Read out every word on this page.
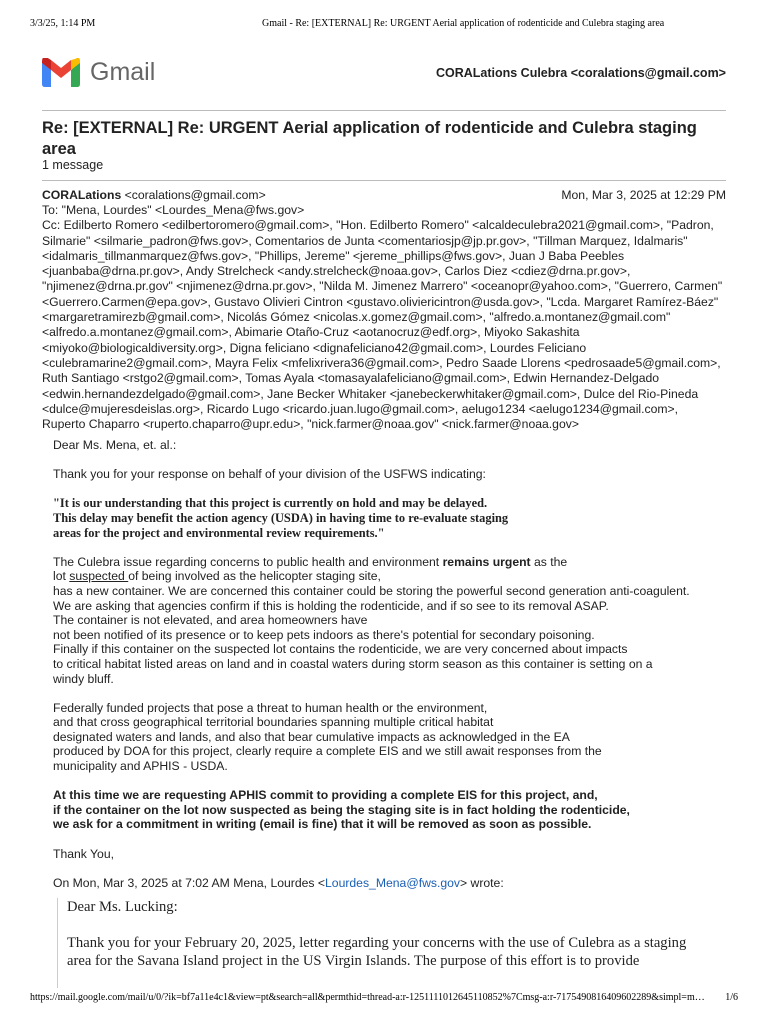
3/3/25, 1:14 PM	Gmail - Re: [EXTERNAL] Re: URGENT Aerial application of rodenticide and Culebra staging area
Gmail	CORALations Culebra <coralations@gmail.com>
Re: [EXTERNAL] Re: URGENT Aerial application of rodenticide and Culebra staging area
1 message
CORALations <coralations@gmail.com>	Mon, Mar 3, 2025 at 12:29 PM
To: "Mena, Lourdes" <Lourdes_Mena@fws.gov>
Cc: Edilberto Romero <edilbertoromero@gmail.com>, "Hon. Edilberto Romero" <alcaldeculebra2021@gmail.com>, "Padron,
Silmarie" <silmarie_padron@fws.gov>, Comentarios de Junta <comentariosjp@jp.pr.gov>, "Tillman Marquez, Idalmaris"
<idalmaris_tillmanmarquez@fws.gov>, "Phillips, Jereme" <jereme_phillips@fws.gov>, Juan J Baba Peebles
<juanbaba@drna.pr.gov>, Andy Strelcheck <andy.strelcheck@noaa.gov>, Carlos Diez <cdiez@drna.pr.gov>,
"njimenez@drna.pr.gov" <njimenez@drna.pr.gov>, "Nilda M. Jimenez Marrero" <oceanopr@yahoo.com>, "Guerrero, Carmen"
<Guerrero.Carmen@epa.gov>, Gustavo Olivieri Cintron <gustavo.oliviericintron@usda.gov>, "Lcda. Margaret Ramírez-Báez"
<margaretramirezb@gmail.com>, Nicolás Gómez <nicolas.x.gomez@gmail.com>, "alfredo.a.montanez@gmail.com"
<alfredo.a.montanez@gmail.com>, Abimarie Otaño-Cruz <aotanocruz@edf.org>, Miyoko Sakashita
<miyoko@biologicaldiversity.org>, Digna feliciano <dignafeliciano42@gmail.com>, Lourdes Feliciano
<culebramarine2@gmail.com>, Mayra Felix <mfelixrivera36@gmail.com>, Pedro Saade Llorens <pedrosaade5@gmail.com>,
Ruth Santiago <rstgo2@gmail.com>, Tomas Ayala <tomasayalafeliciano@gmail.com>, Edwin Hernandez-Delgado
<edwin.hernandezdelgado@gmail.com>, Jane Becker Whitaker <janebeckerwhitaker@gmail.com>, Dulce del Rio-Pineda
<dulce@mujeresdeislas.org>, Ricardo Lugo <ricardo.juan.lugo@gmail.com>, aelugo1234 <aelugo1234@gmail.com>,
Ruperto Chaparro <ruperto.chaparro@upr.edu>, "nick.farmer@noaa.gov" <nick.farmer@noaa.gov>

Dear Ms. Mena, et. al.:

Thank you for your response on behalf of your division of the USFWS indicating:

"It is our understanding that this project is currently on hold and may be delayed.
This delay may benefit the action agency (USDA) in having time to re-evaluate staging
areas for the project and environmental review requirements."

The Culebra issue regarding concerns to public health and environment remains urgent as the
lot suspected of being involved as the helicopter staging site,
has a new container. We are concerned this container could be storing the powerful second generation anti-coagulent.
We are asking that agencies confirm if this is holding the rodenticide, and if so see to its removal ASAP.
The container is not elevated, and area homeowners have
not been notified of its presence or to keep pets indoors as there's potential for secondary poisoning.
Finally if this container on the suspected lot contains the rodenticide, we are very concerned about impacts
to critical habitat listed areas on land and in coastal waters during storm season as this container is setting on a
windy bluff.

Federally funded projects that pose a threat to human health or the environment,
and that cross geographical territorial boundaries spanning multiple critical habitat
designated waters and lands, and also that bear cumulative impacts as acknowledged in the EA
produced by DOA for this project, clearly require a complete EIS and we still await responses from the
municipality and APHIS - USDA.

At this time we are requesting APHIS commit to providing a complete EIS for this project, and,
if the container on the lot now suspected as being the staging site is in fact holding the rodenticide,
we ask for a commitment in writing (email is fine) that it will be removed as soon as possible.

Thank You,

On Mon, Mar 3, 2025 at 7:02 AM Mena, Lourdes <Lourdes_Mena@fws.gov> wrote:

Dear Ms. Lucking:

Thank you for your February 20, 2025, letter regarding your concerns with the use of Culebra as a staging
area for the Savana Island project in the US Virgin Islands. The purpose of this effort is to provide

https://mail.google.com/mail/u/0/?ik=bf7a11e4c1&view=pt&search=all&permthid=thread-a:r-1251111012645110852%7Cmsg-a:r-7175490816409602289&simpl=m…	1/6
